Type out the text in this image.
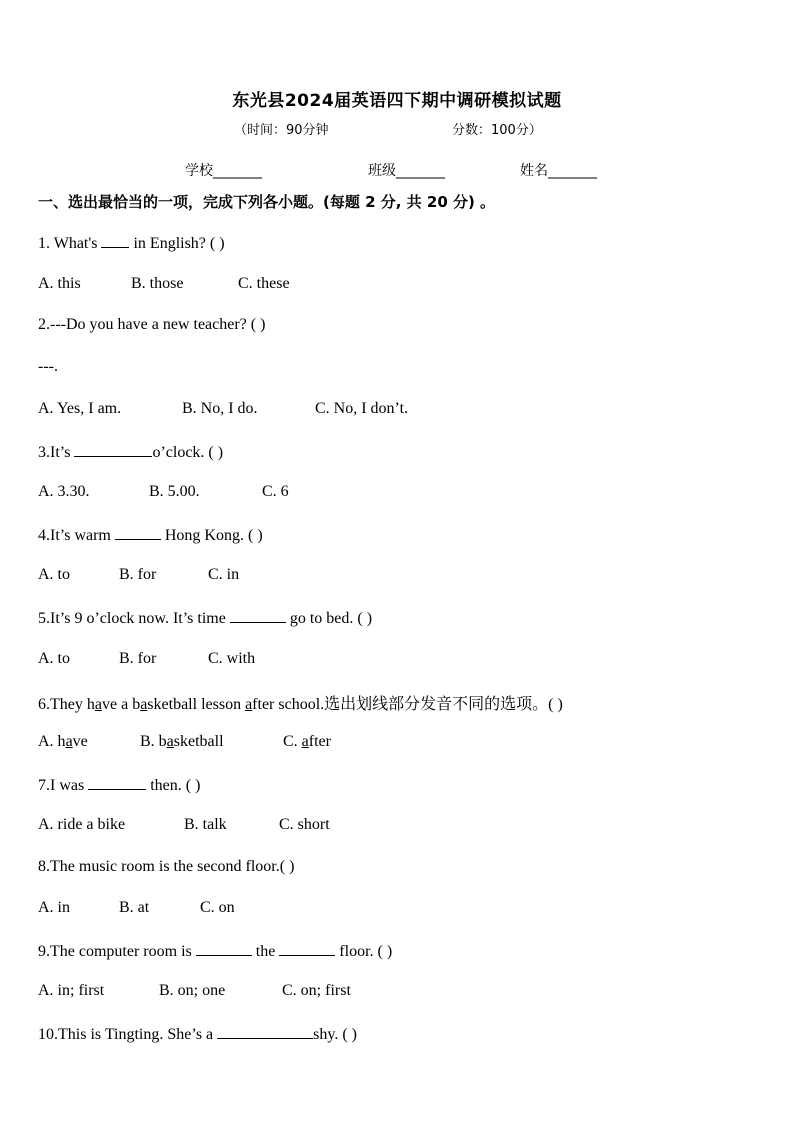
东光县2024届英语四下期中调研模拟试题
（时间：90分钟	分数：100分）
学校_______	班级_______	姓名_______
一、选出最恰当的一项，完成下列各小题。(每题 2 分, 共 20 分) 。
1. What's  in English? ( )
A. this	B. those	C. these
2.---Do you have a new teacher? ( )
---.
A. Yes, I am.	B. No, I do.	C. No, I don’t.
3.It’s	o’clock. ( )
A. 3.30.	B. 5.00.	C. 6
4.It’s warm	Hong Kong. ( )
A. to	B. for	C. in
5.It’s 9 o’clock now. It’s time	go to bed. ( )
A. to	B. for	C. with
6.They have a basketball lesson after school.选出划线部分发音不同的选项。( )
A. have	B. basketball	C. after
7.I was	then. ( )
A. ride a bike	B. talk	C. short
8.The music room is the second floor.( )
A. in	B. at	C. on
9.The computer room is	the	floor. ( )
A. in; first	B. on; one	C. on; first
10.This is Tingting. She’s a	shy. ( )
